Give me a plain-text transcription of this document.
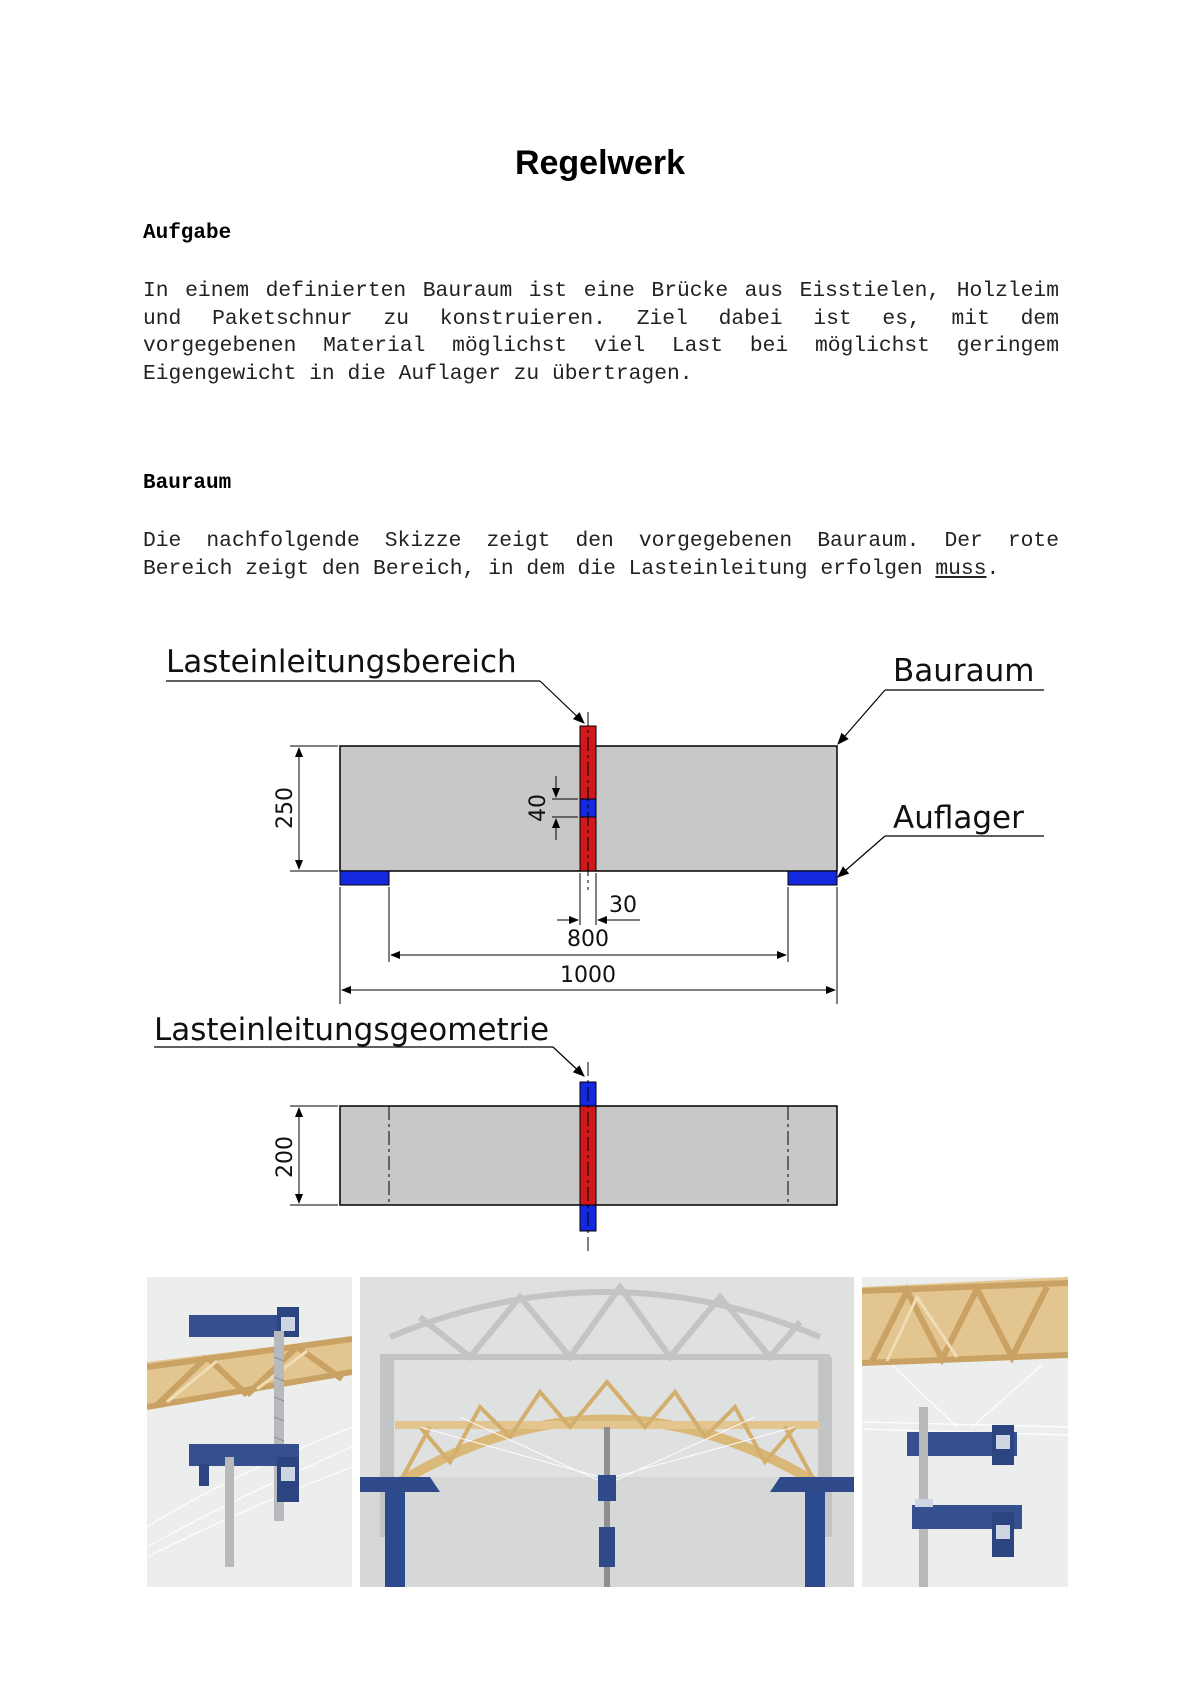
Regelwerk
Aufgabe
In einem definierten Bauraum ist eine Brücke aus Eisstielen, Holzleim und Paketschnur zu konstruieren. Ziel dabei ist es, mit dem vorgegebenen Material möglichst viel Last bei möglichst geringem Eigengewicht in die Auflager zu übertragen.
Bauraum
Die nachfolgende Skizze zeigt den vorgegebenen Bauraum. Der rote Bereich zeigt den Bereich, in dem die Lasteinleitung erfolgen muss.
Lasteinleitungsbereich	Bauraum
Auflager
250	40
30
800
1000
Lasteinleitungsgeometrie
200
